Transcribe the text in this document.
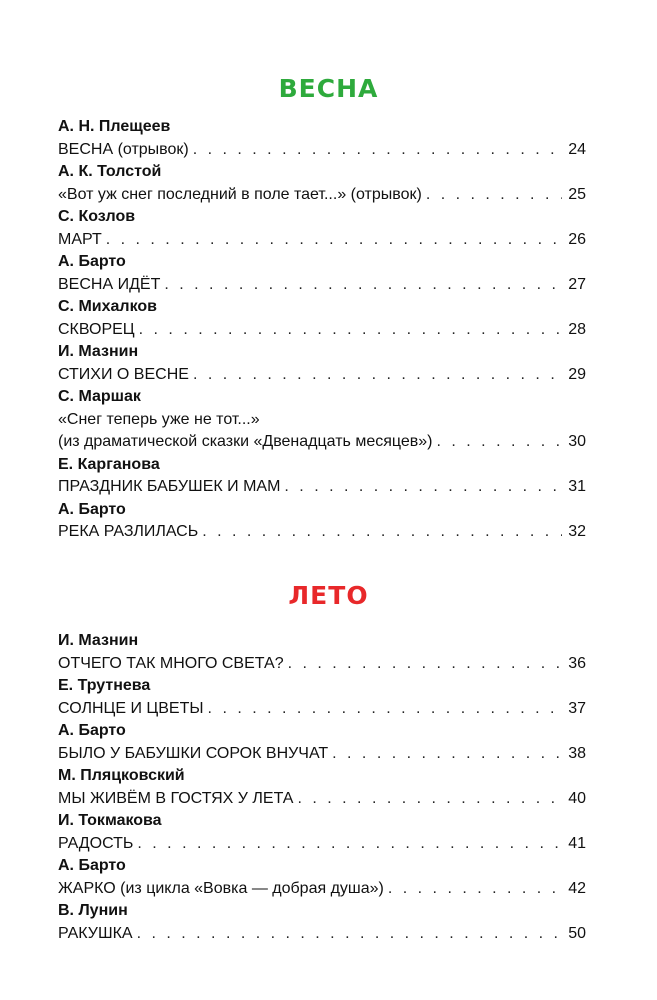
ВЕСНА
А. Н. Плещеев
ВЕСНА (отрывок) . . .	24
А. К. Толстой
«Вот уж снег последний в поле тает...» (отрывок) . . .	25
С. Козлов
МАРТ . . .	26
А. Барто
ВЕСНА ИДЁТ . . .	27
С. Михалков
СКВОРЕЦ . . .	28
И. Мазнин
СТИХИ О ВЕСНЕ . . .	29
С. Маршак
«Снег теперь уже не тот...»
(из драматической сказки «Двенадцать месяцев») . . .	30
Е. Карганова
ПРАЗДНИК БАБУШЕК И МАМ . . .	31
А. Барто
РЕКА РАЗЛИЛАСЬ . . .	32
ЛЕТО
И. Мазнин
ОТЧЕГО ТАК МНОГО СВЕТА? . . .	36
Е. Трутнева
СОЛНЦЕ И ЦВЕТЫ . . .	37
А. Барто
БЫЛО У БАБУШКИ СОРОК ВНУЧАТ . . .	38
М. Пляцковский
МЫ ЖИВЁМ В ГОСТЯХ У ЛЕТА . . .	40
И. Токмакова
РАДОСТЬ . . .	41
А. Барто
ЖАРКО (из цикла «Вовка — добрая душа») . . .	42
В. Лунин
РАКУШКА . . .	50
